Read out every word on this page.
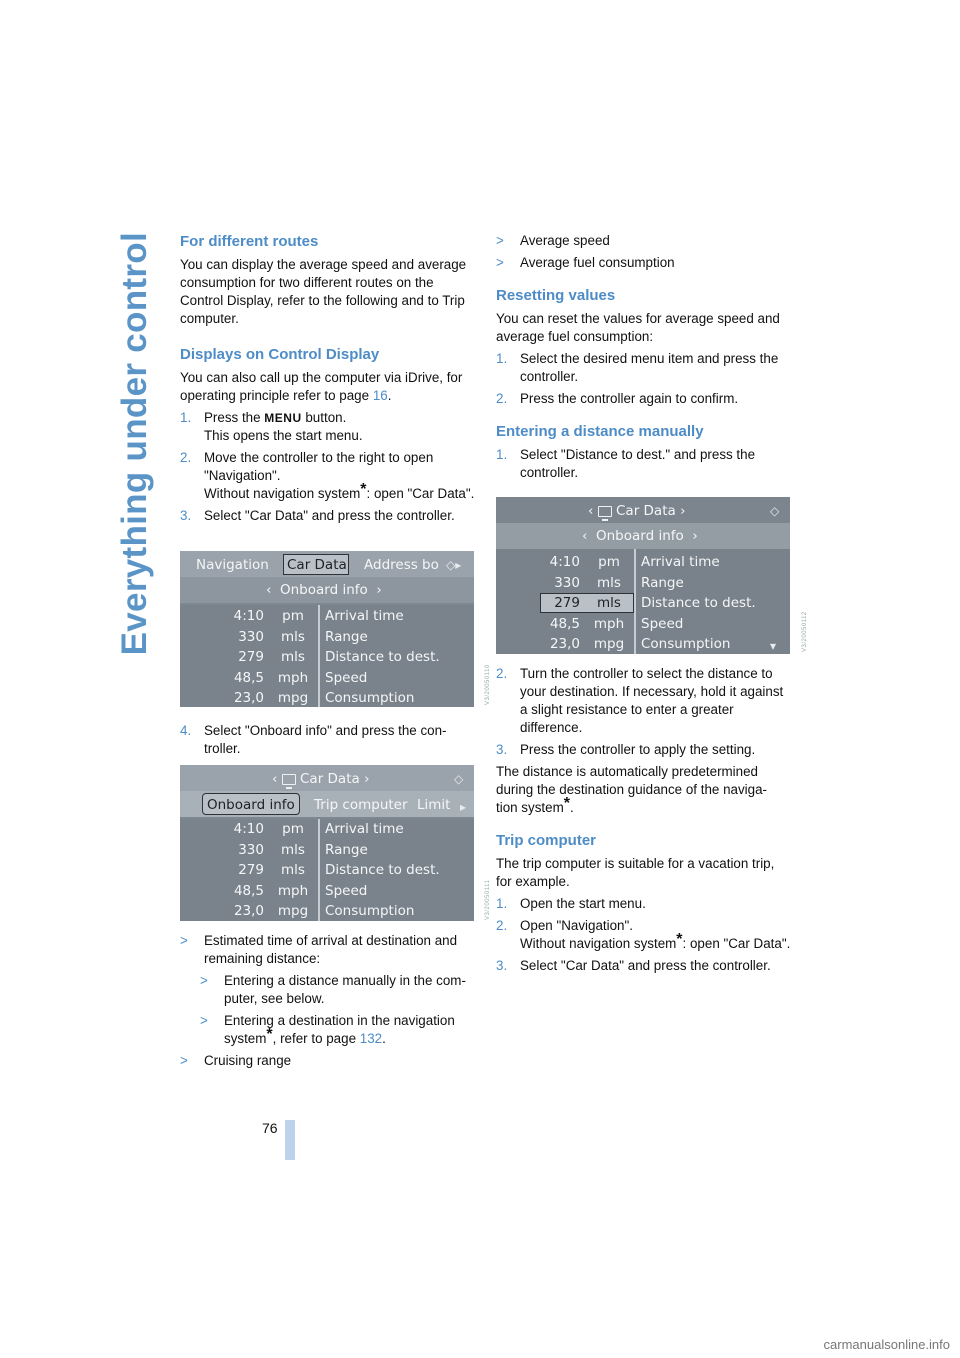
Everything under control
76
For different routes

You can display the average speed and average consumption for two different routes on the Control Display, refer to the following and to Trip computer.

Displays on Control Display

You can also call up the computer via iDrive, for operating principle refer to page 16.

1. Press the MENU button.
This opens the start menu.
2. Move the controller to the right to open "Navigation".
Without navigation system*: open "Car Data".
3. Select "Car Data" and press the controller.
Navigation Car Data Address bo ◇▸
‹  Onboard info  ›
4:10	pm	Arrival time
330	mls	Range
279	mls	Distance to dest.
48,5 mph Speed
23,0 mpg Consumption	V3/20050110
4. Select "Onboard info" and press the con- troller.
‹  Car Data ›	◇
Onboard info	Trip computer Limit ▸
4:10	pm	Arrival time
330	mls	Range
279	mls	Distance to dest.
48,5 mph Speed
23,0 mpg Consumption	V3/20050111
> Estimated time of arrival at destination and remaining distance:
> Entering a distance manually in the com- puter, see below.
> Entering a destination in the navigation system*, refer to page 132.
> Cruising range
> Average speed
> Average fuel consumption
Resetting values

You can reset the values for average speed and average fuel consumption:

1. Select the desired menu item and press the controller.
2. Press the controller again to confirm.
Entering a distance manually
1. Select "Distance to dest." and press the controller.
‹  Car Data ›	◇
‹  Onboard info  ›
▾
4:10	pm	Arrival time
330	mls	Range
279	mls	Distance to dest.
48,5 mph Speed
23,0 mpg Consumption	V3/20050112
2. Turn the controller to select the distance to your destination. If necessary, hold it against a slight resistance to enter a greater difference.
3. Press the controller to apply the setting.

The distance is automatically predetermined during the destination guidance of the naviga- tion system*.

Trip computer

The trip computer is suitable for a vacation trip, for example.

1. Open the start menu.
2. Open "Navigation".
Without navigation system*: open "Car Data".
3. Select "Car Data" and press the controller.
carmanualsonline.info
